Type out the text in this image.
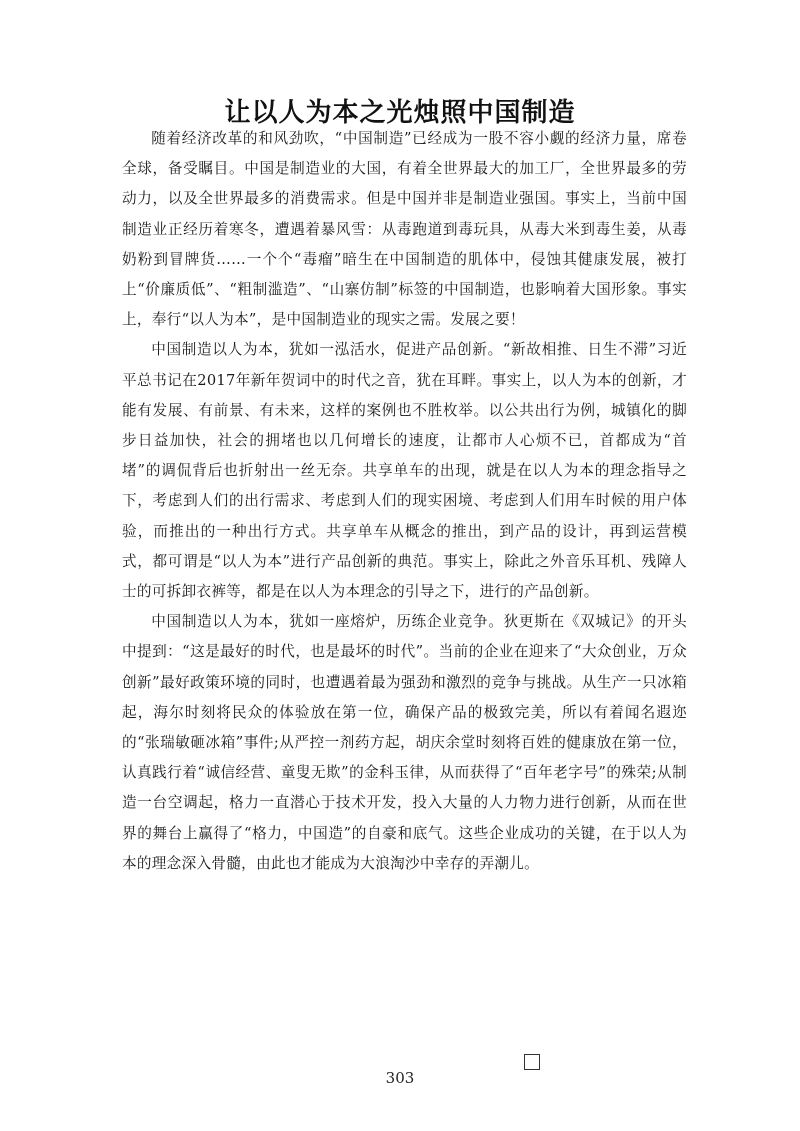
让以人为本之光烛照中国制造

随着经济改革的和风劲吹，“中国制造”已经成为一股不容小觑的经济力量，席卷全球，备受瞩目。中国是制造业的大国，有着全世界最大的加工厂，全世界最多的劳动力，以及全世界最多的消费需求。但是中国并非是制造业强国。事实上，当前中国制造业正经历着寒冬，遭遇着暴风雪：从毒跑道到毒玩具，从毒大米到毒生姜，从毒奶粉到冒牌货……一个个“毒瘤”暗生在中国制造的肌体中，侵蚀其健康发展，被打上“价廉质低”、“粗制滥造”、“山寨仿制”标签的中国制造，也影响着大国形象。事实上，奉行“以人为本”，是中国制造业的现实之需。发展之要！

中国制造以人为本，犹如一泓活水，促进产品创新。“新故相推、日生不滞”习近平总书记在2017年新年贺词中的时代之音，犹在耳畔。事实上，以人为本的创新，才能有发展、有前景、有未来，这样的案例也不胜枚举。以公共出行为例，城镇化的脚步日益加快，社会的拥堵也以几何增长的速度，让都市人心烦不已，首都成为“首堵”的调侃背后也折射出一丝无奈。共享单车的出现，就是在以人为本的理念指导之下，考虑到人们的出行需求、考虑到人们的现实困境、考虑到人们用车时候的用户体验，而推出的一种出行方式。共享单车从概念的推出，到产品的设计，再到运营模式，都可谓是“以人为本”进行产品创新的典范。事实上，除此之外音乐耳机、残障人士的可拆卸衣裤等，都是在以人为本理念的引导之下，进行的产品创新。

中国制造以人为本，犹如一座熔炉，历练企业竞争。狄更斯在《双城记》的开头中提到：“这是最好的时代，也是最坏的时代”。当前的企业在迎来了“大众创业，万众创新”最好政策环境的同时，也遭遇着最为强劲和激烈的竞争与挑战。从生产一只冰箱起，海尔时刻将民众的体验放在第一位，确保产品的极致完美，所以有着闻名遐迩的“张瑞敏砸冰箱”事件;从严控一剂药方起，胡庆余堂时刻将百姓的健康放在第一位，认真践行着“诚信经营、童叟无欺”的金科玉律，从而获得了“百年老字号”的殊荣;从制造一台空调起，格力一直潜心于技术开发，投入大量的人力物力进行创新，从而在世界的舞台上赢得了“格力，中国造”的自豪和底气。这些企业成功的关键，在于以人为本的理念深入骨髓，由此也才能成为大浪淘沙中幸存的弄潮儿。

303
